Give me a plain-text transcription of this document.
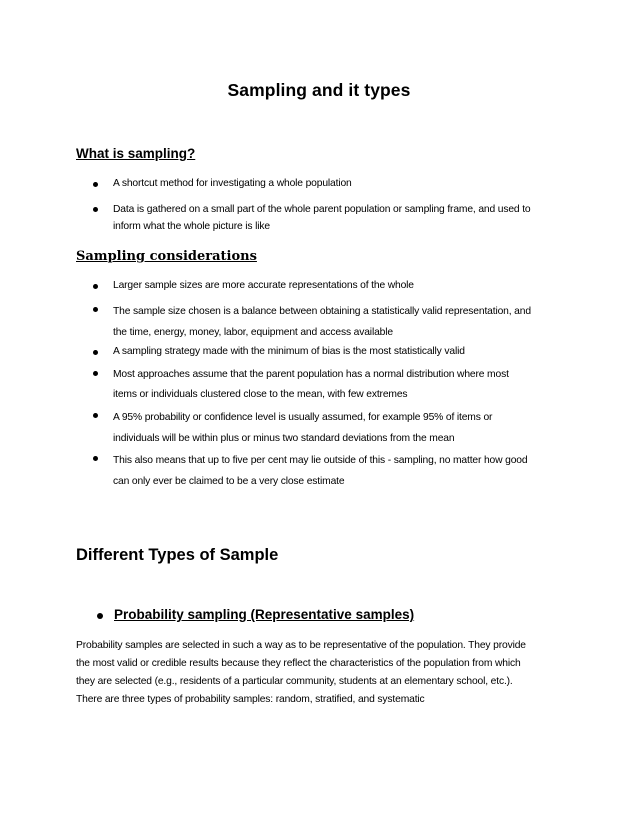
Sampling and it types
What is sampling?
A shortcut method for investigating a whole population
Data is gathered on a small part of the whole parent population or sampling frame, and used to
inform what the whole picture is like
Sampling considerations
Larger sample sizes are more accurate representations of the whole
The sample size chosen is a balance between obtaining a statistically valid representation, and
the time, energy, money, labor, equipment and access available
A sampling strategy made with the minimum of bias is the most statistically valid
Most approaches assume that the parent population has a normal distribution where most
items or individuals clustered close to the mean, with few extremes
A 95% probability or confidence level is usually assumed, for example 95% of items or
individuals will be within plus or minus two standard deviations from the mean
This also means that up to five per cent may lie outside of this - sampling, no matter how good
can only ever be claimed to be a very close estimate
Different Types of Sample
Probability sampling (Representative samples)
Probability samples are selected in such a way as to be representative of the population. They provide
the most valid or credible results because they reflect the characteristics of the population from which
they are selected (e.g., residents of a particular community, students at an elementary school, etc.).
There are three types of probability samples: random, stratified, and systematic
